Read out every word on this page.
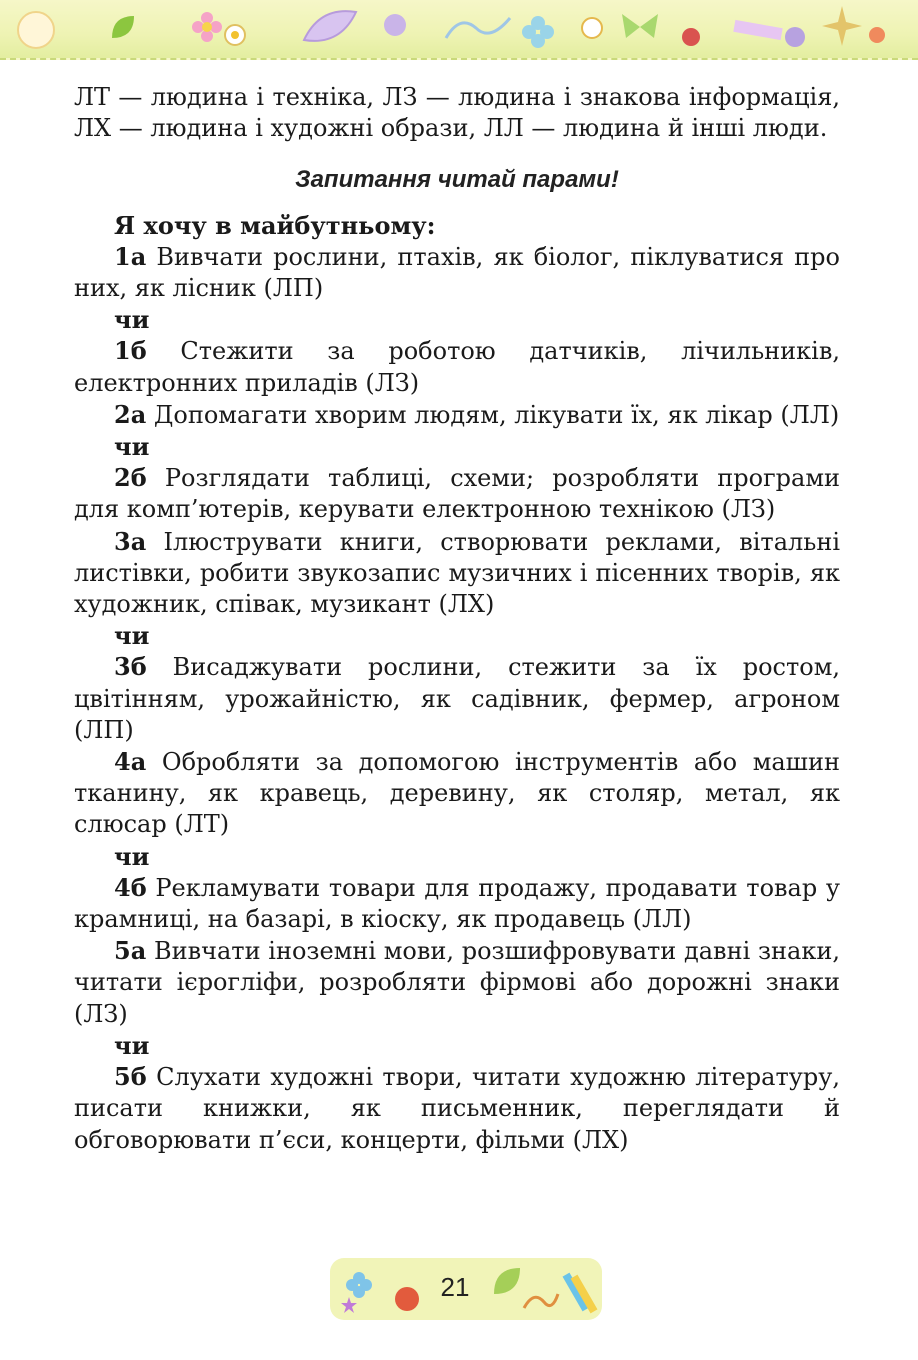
ЛТ — людина і техніка, ЛЗ — людина і знакова інформація, ЛХ — людина і художні образи, ЛЛ — людина й інші люди.

Запитання читай парами!

Я хочу в майбутньому:

1а Вивчати рослини, птахів, як біолог, піклуватися про них, як лісник (ЛП)

чи

1б Стежити за роботою датчиків, лічильників, електронних приладів (ЛЗ)

2а Допомагати хворим людям, лікувати їх, як лікар (ЛЛ)

чи

2б Розглядати таблиці, схеми; розробляти програми для комп’ютерів, керувати електронною технікою (ЛЗ)

3а Ілюструвати книги, створювати реклами, вітальні листівки, робити звукозапис музичних і пісенних творів, як художник, співак, музикант (ЛХ)

чи

3б Висаджувати рослини, стежити за їх ростом, цвітінням, урожайністю, як садівник, фермер, агроном (ЛП)

4а Обробляти за допомогою інструментів або машин тканину, як кравець, деревину, як столяр, метал, як слюсар (ЛТ)

чи

4б Рекламувати товари для продажу, продавати товар у крамниці, на базарі, в кіоску, як продавець (ЛЛ)

5а Вивчати іноземні мови, розшифровувати давні знаки, читати ієрогліфи, розробляти фірмові або дорожні знаки (ЛЗ)

чи

5б Слухати художні твори, читати художню літературу, писати книжки, як письменник, переглядати й обговорювати п’єси, концерти, фільми (ЛХ)

21
